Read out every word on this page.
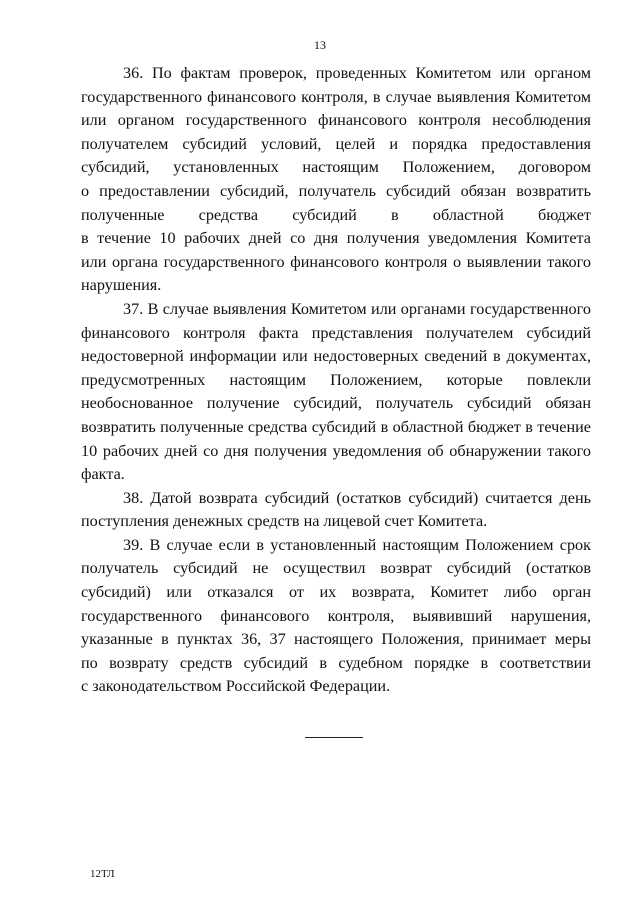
13
36. По фактам проверок, проведенных Комитетом или органом
государственного финансового контроля, в случае выявления Комитетом
или органом государственного финансового контроля несоблюдения
получателем субсидий условий, целей и порядка предоставления
субсидий, установленных настоящим Положением, договором
о предоставлении субсидий, получатель субсидий обязан возвратить
полученные средства субсидий в областной бюджет
в течение 10 рабочих дней со дня получения уведомления Комитета
или органа государственного финансового контроля о выявлении такого
нарушения.
37. В случае выявления Комитетом или органами государственного
финансового контроля факта представления получателем субсидий
недостоверной информации или недостоверных сведений в документах,
предусмотренных настоящим Положением, которые повлекли
необоснованное получение субсидий, получатель субсидий обязан
возвратить полученные средства субсидий в областной бюджет в течение
10 рабочих дней со дня получения уведомления об обнаружении такого
факта.
38. Датой возврата субсидий (остатков субсидий) считается день
поступления денежных средств на лицевой счет Комитета.
39. В случае если в установленный настоящим Положением срок
получатель субсидий не осуществил возврат субсидий (остатков
субсидий) или отказался от их возврата, Комитет либо орган
государственного финансового контроля, выявивший нарушения,
указанные в пунктах 36, 37 настоящего Положения, принимает меры
по возврату средств субсидий в судебном порядке в соответствии
с законодательством Российской Федерации.
12ТЛ
